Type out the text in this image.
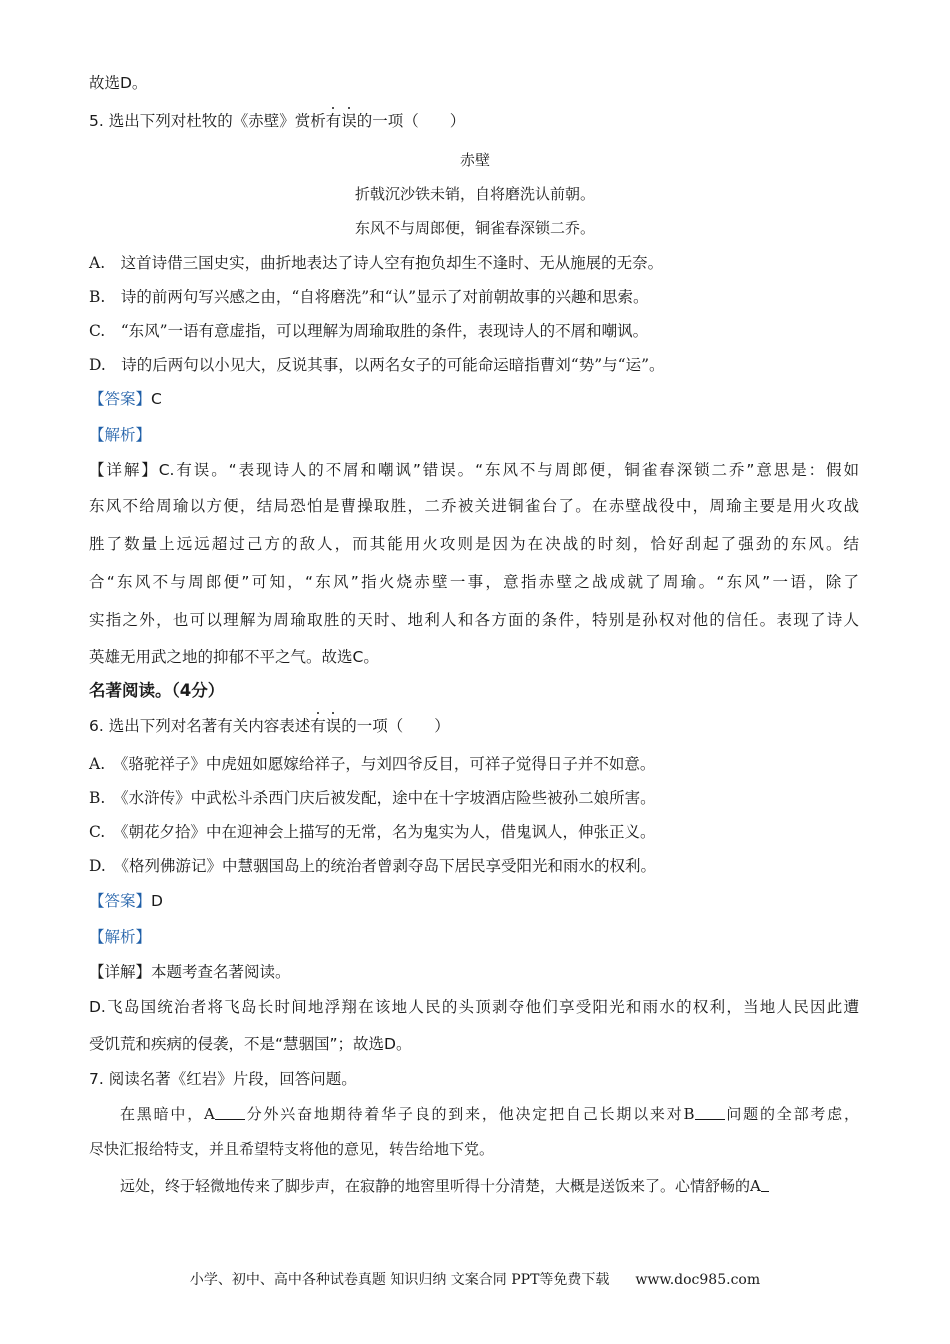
故选D。
5. 选出下列对杜牧的《赤壁》赏析有误的一项（　　）
赤壁
折戟沉沙铁未销，自将磨洗认前朝。
东风不与周郎便，铜雀春深锁二乔。
A.　这首诗借三国史实，曲折地表达了诗人空有抱负却生不逢时、无从施展的无奈。
B.　诗的前两句写兴感之由，“自将磨洗”和“认”显示了对前朝故事的兴趣和思索。
C.　“东风”一语有意虚指，可以理解为周瑜取胜的条件，表现诗人的不屑和嘲讽。
D.　诗的后两句以小见大，反说其事，以两名女子的可能命运暗指曹刘“势”与“运”。
【答案】C
【解析】
【详解】C.有误。“表现诗人的不屑和嘲讽”错误。“东风不与周郎便，铜雀春深锁二乔”意思是：假如
东风不给周瑜以方便，结局恐怕是曹操取胜，二乔被关进铜雀台了。在赤壁战役中，周瑜主要是用火攻战
胜了数量上远远超过己方的敌人，而其能用火攻则是因为在决战的时刻，恰好刮起了强劲的东风。结
合“东风不与周郎便”可知，“东风”指火烧赤壁一事，意指赤壁之战成就了周瑜。“东风”一语，除了
实指之外，也可以理解为周瑜取胜的天时、地利人和各方面的条件，特别是孙权对他的信任。表现了诗人
英雄无用武之地的抑郁不平之气。故选C。
名著阅读。（4分）
6. 选出下列对名著有关内容表述有误的一项（　　）
A.　《骆驼祥子》中虎妞如愿嫁给祥子，与刘四爷反目，可祥子觉得日子并不如意。
B.　《水浒传》中武松斗杀西门庆后被发配，途中在十字坡酒店险些被孙二娘所害。
C.　《朝花夕拾》中在迎神会上描写的无常，名为鬼实为人，借鬼讽人，伸张正义。
D.　《格列佛游记》中慧骃国岛上的统治者曾剥夺岛下居民享受阳光和雨水的权利。
【答案】D
【解析】
【详解】本题考查名著阅读。
D.飞岛国统治者将飞岛长时间地浮翔在该地人民的头顶剥夺他们享受阳光和雨水的权利，当地人民因此遭
受饥荒和疾病的侵袭，不是“慧骃国”；故选D。
7. 阅读名著《红岩》片段，回答问题。
在黑暗中，A 分外兴奋地期待着华子良的到来，他决定把自己长期以来对B 问题的全部考虑，
尽快汇报给特支，并且希望特支将他的意见，转告给地下党。
远处，终于轻微地传来了脚步声，在寂静的地窖里听得十分清楚，大概是送饭来了。心情舒畅的A
小学、初中、高中各种试卷真题 知识归纳 文案合同 PPT等免费下载 www.doc985.com
